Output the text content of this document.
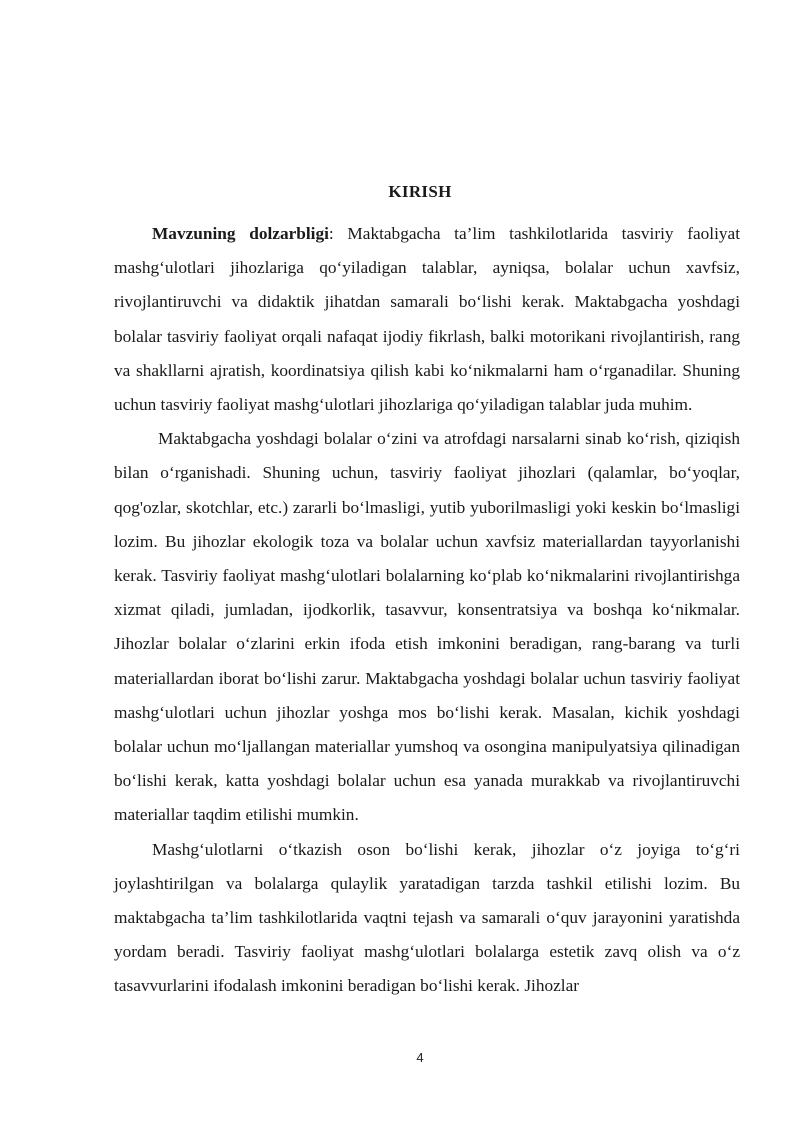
KIRISH

Mavzuning dolzarbligi: Maktabgacha ta’lim tashkilotlarida tasviriy faoliyat mashg‘ulotlari jihozlariga qo‘yiladigan talablar, ayniqsa, bolalar uchun xavfsiz, rivojlantiruvchi va didaktik jihatdan samarali bo‘lishi kerak. Maktabgacha yoshdagi bolalar tasviriy faoliyat orqali nafaqat ijodiy fikrlash, balki motorikani rivojlantirish, rang va shakllarni ajratish, koordinatsiya qilish kabi ko‘nikmalarni ham o‘rganadilar. Shuning uchun tasviriy faoliyat mashg‘ulotlari jihozlariga qo‘yiladigan talablar juda muhim.

Maktabgacha yoshdagi bolalar o‘zini va atrofdagi narsalarni sinab ko‘rish, qiziqish bilan o‘rganishadi. Shuning uchun, tasviriy faoliyat jihozlari (qalamlar, bo‘yoqlar, qog'ozlar, skotchlar, etc.) zararli bo‘lmasligi, yutib yuborilmasligi yoki keskin bo‘lmasligi lozim. Bu jihozlar ekologik toza va bolalar uchun xavfsiz materiallardan tayyorlanishi kerak. Tasviriy faoliyat mashg‘ulotlari bolalarning ko‘plab ko‘nikmalarini rivojlantirishga xizmat qiladi, jumladan, ijodkorlik, tasavvur, konsentratsiya va boshqa ko‘nikmalar. Jihozlar bolalar o‘zlarini erkin ifoda etish imkonini beradigan, rang-barang va turli materiallardan iborat bo‘lishi zarur. Maktabgacha yoshdagi bolalar uchun tasviriy faoliyat mashg‘ulotlari uchun jihozlar yoshga mos bo‘lishi kerak. Masalan, kichik yoshdagi bolalar uchun mo‘ljallangan materiallar yumshoq va osongina manipulyatsiya qilinadigan bo‘lishi kerak, katta yoshdagi bolalar uchun esa yanada murakkab va rivojlantiruvchi materiallar taqdim etilishi mumkin.

Mashg‘ulotlarni o‘tkazish oson bo‘lishi kerak, jihozlar o‘z joyiga to‘g‘ri joylashtirilgan va bolalarga qulaylik yaratadigan tarzda tashkil etilishi lozim. Bu maktabgacha ta’lim tashkilotlarida vaqtni tejash va samarali o‘quv jarayonini yaratishda yordam beradi. Tasviriy faoliyat mashg‘ulotlari bolalarga estetik zavq olish va o‘z tasavvurlarini ifodalash imkonini beradigan bo‘lishi kerak. Jihozlar

4
